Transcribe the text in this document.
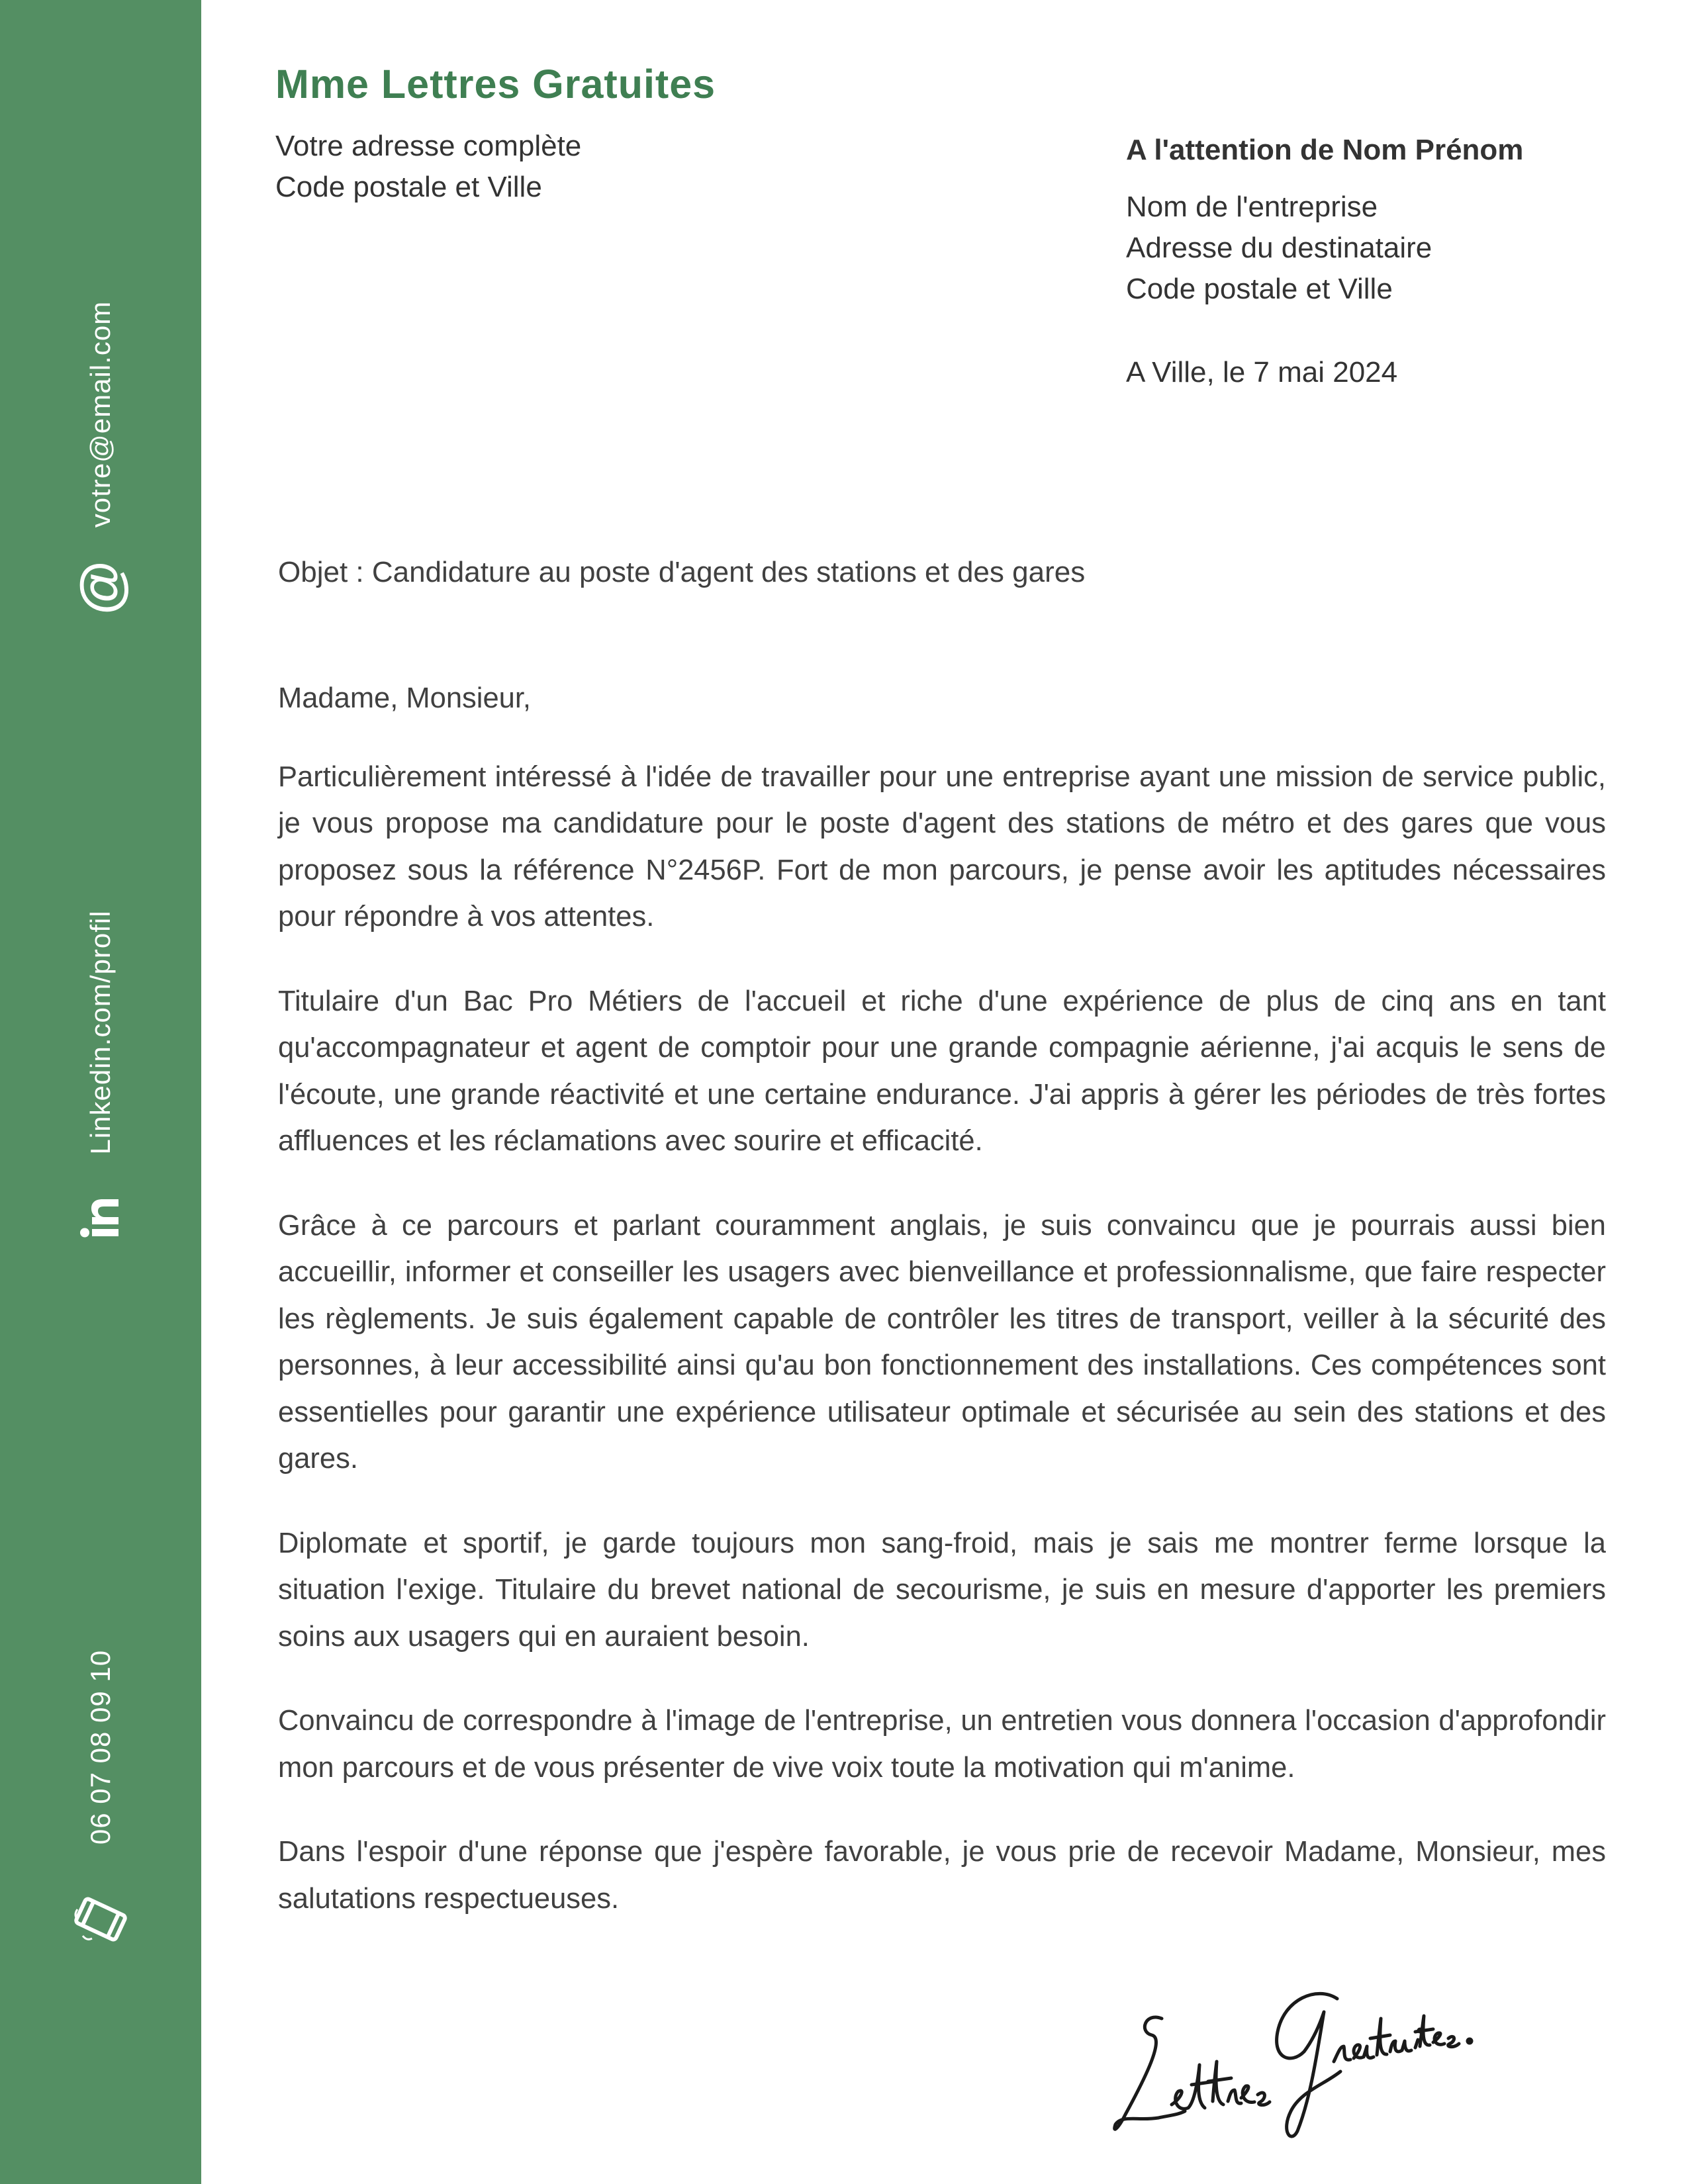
votre@email.com
@
Linkedin.com/profil
06 07 08 09 10
Mme Lettres Gratuites
Votre adresse complète
Code postale et Ville
A l'attention de Nom Prénom
Nom de l'entreprise
Adresse du destinataire
Code postale et Ville
A Ville, le 7 mai 2024
Objet : Candidature au poste d'agent des stations et des gares

Madame, Monsieur,

Particulièrement intéressé à l'idée de travailler pour une entreprise ayant une mission de service public, je vous propose ma candidature pour le poste d'agent des stations de métro et des gares que vous proposez sous la référence N°2456P. Fort de mon parcours, je pense avoir les aptitudes nécessaires pour répondre à vos attentes.

Titulaire d'un Bac Pro Métiers de l'accueil et riche d'une expérience de plus de cinq ans en tant qu'accompagnateur et agent de comptoir pour une grande compagnie aérienne, j'ai acquis le sens de l'écoute, une grande réactivité et une certaine endurance. J'ai appris à gérer les périodes de très fortes affluences et les réclamations avec sourire et efficacité.

Grâce à ce parcours et parlant couramment anglais, je suis convaincu que je pourrais aussi bien accueillir, informer et conseiller les usagers avec bienveillance et professionnalisme, que faire respecter les règlements. Je suis également capable de contrôler les titres de transport, veiller à la sécurité des personnes, à leur accessibilité ainsi qu'au bon fonctionnement des installations. Ces compétences sont essentielles pour garantir une expérience utilisateur optimale et sécurisée au sein des stations et des gares.

Diplomate et sportif, je garde toujours mon sang-froid, mais je sais me montrer ferme lorsque la situation l'exige. Titulaire du brevet national de secourisme, je suis en mesure d'apporter les premiers soins aux usagers qui en auraient besoin.

Convaincu de correspondre à l'image de l'entreprise, un entretien vous donnera l'occasion d'approfondir mon parcours et de vous présenter de vive voix toute la motivation qui m'anime.

Dans l'espoir d'une réponse que j'espère favorable, je vous prie de recevoir Madame, Monsieur, mes salutations respectueuses.
